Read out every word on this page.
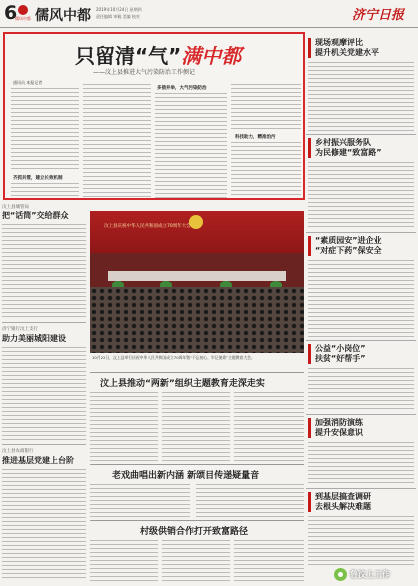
6
儒风中都 儒风中都 2019年10月24日 星期四
责任编辑 审稿 美编 校对	济宁日报
只留清“气”满中都
——汶上县推进大气污染防治工作侧记
通讯员 本报记者
齐抓共管，建立长效机制
多措并举，大气污染防治
科技助力，精准治污
汶上县城管局
把“话筒”交给群众
济宁银行汶上支行
助力美丽城阳建设
汶上县农商银行
推进基层党建上台阶
现场观摩评比
提升机关党建水平
乡村振兴服务队
为民修建“致富路”
“素质园安”进企业
“对症下药”保安全
公益“小岗位”
扶贫“好帮手”
加强消防演练
提升安保意识
到基层搞查调研
去根头解决难题
汶上县庆祝中华人民共和国成立70周年大会
10月22日，汶上县举行庆祝中华人民共和国成立70周年暨“不忘初心、牢记使命”主题教育大会。
汶上县推动“两新”组织主题教育走深走实
老戏曲唱出新内涵 新颂目传递疑量音
村级供销合作打开致富路径
鲁汶上工作
